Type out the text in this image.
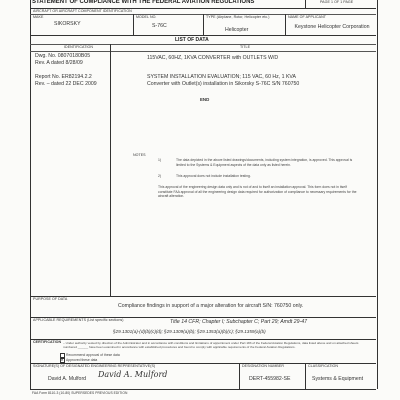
STATEMENT OF COMPLIANCE WITH THE FEDERAL AVIATION REGULATIONS	PAGE 1 OF 1 PAGE
AIRCRAFT OR AIRCRAFT COMPONENT IDENTIFICATION
MAKE
SIKORSKY
MODEL NO.
S-76C
TYPE (Airplane, Rotor, Helicopter etc.)
Helicopter
NAME OF APPLICANT
Keystone Helicopter Corporation
LIST OF DATA
IDENTIFICATION	TITLE
Dwg. No. 08070180B05
Rev. A dated 8/28/09
115VAC, 60HZ, 1KVA CONVERTER with OUTLETS W/D
Report No. ER82194.2.2
Rev. – dated 22 DEC 2009
SYSTEM INSTALLATION EVALUATION; 115 VAC, 60 Hz, 1 KVA
Converter with Outlet(s) installation in Sikorsky S-76C S/N 760750
END
NOTES
1)	The data depicted in the above listed drawings/documents, including system integration, is approved. This approval is limited to the Systems & Equipment aspects of the data only as listed herein.
2)	This approval does not include installation testing.
This approval of the engineering design data only and is not of and to itself an installation approval. This form does not in itself constitute FAA approval of all the engineering design data required for authorization of compliance to necessary requirements for the aircraft alteration.
PURPOSE OF DATA
Compliance findings in support of a major alteration for aircraft S/N: 760750 only.
APPLICABLE REQUIREMENTS (List specific sections)	Title 14 CFR; Chapter I; Subchapter C; Part 29; Amdt 29-47
§29.1301(a)-(d)(b)(c)(d); §29.1309(a)(b); §29.1353(a)(b)(c); §29.1359(a)(b)
CERTIFICATION – Under authority vested by direction of the Administrator and in accordance with conditions and limitations of appointment under Part 183 of the Federal Aviation Regulations, data listed above and on attached sheets numbered ______ have been examined in accordance with established procedures and found to comply with applicable requirements of the Federal Aviation Regulations.
Recommend approval of these data
✕
Approved these data
SIGNATURE(S) OF DESIGNATED ENGINEERING REPRESENTATIVE(S)
David A. Mulford David A. Mulford
DESIGNATION NUMBER
DERT-455982-SE
CLASSIFICATION
Systems & Equipment
FAA Form 8110-3 (10-80) SUPERSEDES PREVIOUS EDITION
